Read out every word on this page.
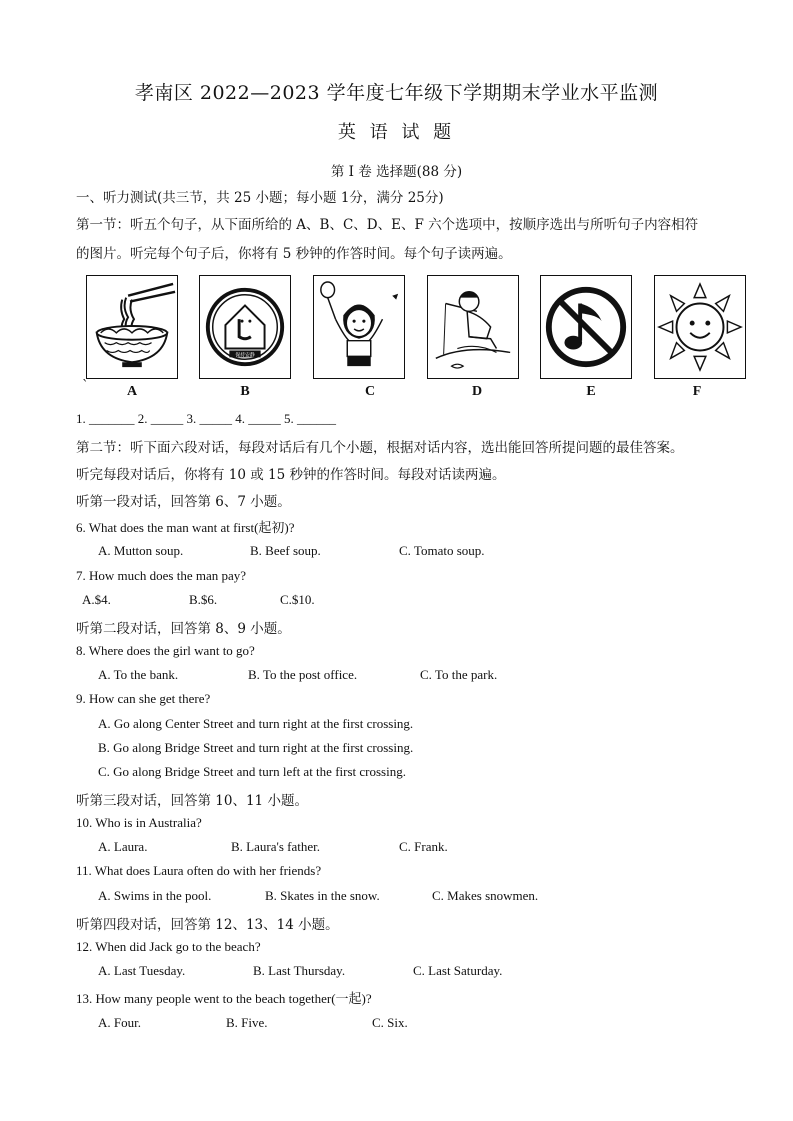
孝南区 2022—2023 学年度七年级下学期期末学业水平监测
英 语 试 题
第 I 卷 选择题(88 分)
一、听力测试(共三节，共 25 小题；每小题 1分，满分 25分)
第一节：听五个句子，从下面所给的 A、B、C、D、E、F 六个选项中，按顺序选出与所听句子内容相符
的图片。听完每个句子后，你将有 5 秒钟的作答时间。每个句子读两遍。
保持安静
`	A	B	C	D	E	F
1. _______ 2. _____ 3. _____ 4. _____ 5. ______
第二节：听下面六段对话，每段对话后有几个小题，根据对话内容，选出能回答所提问题的最佳答案。
听完每段对话后，你将有 10 或 15 秒钟的作答时间。每段对话读两遍。
听第一段对话，回答第 6、7 小题。
6. What does the man want at first(起初)?
A. Mutton soup.	B. Beef soup.	C. Tomato soup.
7. How much does the man pay?
A.$4.	B.$6.	C.$10.
听第二段对话，回答第 8、9 小题。
8. Where does the girl want to go?
A. To the bank.	B. To the post office.	C. To the park.
9. How can she get there?
A. Go along Center Street and turn right at the first crossing.
B. Go along Bridge Street and turn right at the first crossing.
C. Go along Bridge Street and turn left at the first crossing.
听第三段对话，回答第 10、11 小题。
10. Who is in Australia?
A. Laura.	B. Laura's father.	C. Frank.
11. What does Laura often do with her friends?
A. Swims in the pool.	B. Skates in the snow.	C. Makes snowmen.
听第四段对话，回答第 12、13、14 小题。
12. When did Jack go to the beach?
A. Last Tuesday.	B. Last Thursday.	C. Last Saturday.
13. How many people went to the beach together(一起)?
A. Four.	B. Five.	C. Six.
